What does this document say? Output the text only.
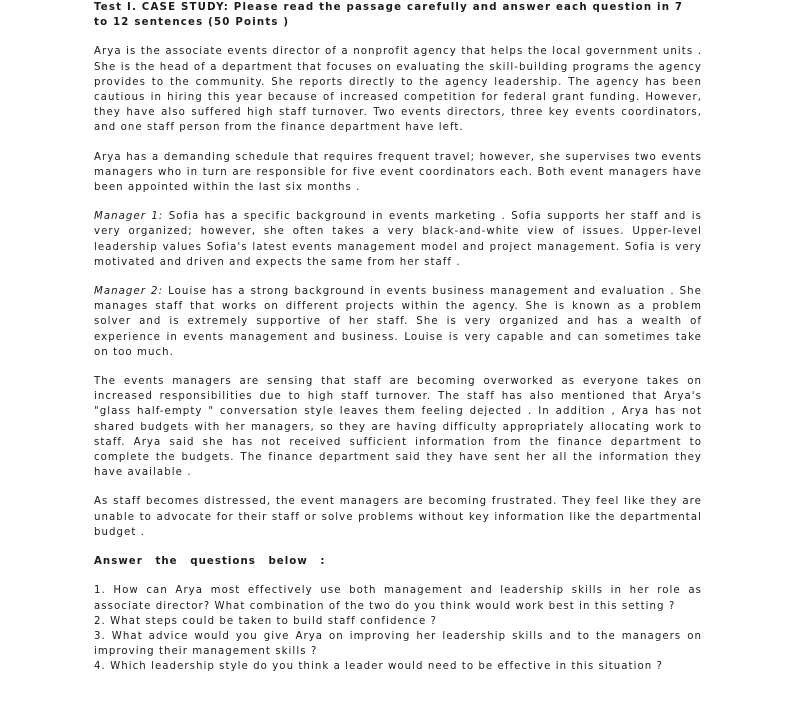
Test I. CASE STUDY: Please read the passage carefully and answer each question in 7 to 12 sentences (50 Points )

Arya is the associate events director of a nonprofit agency that helps the local government units . She is the head of a department that focuses on evaluating the skill-building programs the agency provides to the community. She reports directly to the agency leadership. The agency has been cautious in hiring this year because of increased competition for federal grant funding. However, they have also suffered high staff turnover. Two events directors, three key events coordinators, and one staff person from the finance department have left.

Arya has a demanding schedule that requires frequent travel; however, she supervises two events managers who in turn are responsible for five event coordinators each. Both event managers have been appointed within the last six months .

Manager 1: Sofia has a specific background in events marketing . Sofia supports her staff and is very organized; however, she often takes a very black-and-white view of issues. Upper-level leadership values Sofia's latest events management model and project management. Sofia is very motivated and driven and expects the same from her staff .

Manager 2: Louise has a strong background in events business management and evaluation . She manages staff that works on different projects within the agency. She is known as a problem solver and is extremely supportive of her staff. She is very organized and has a wealth of experience in events management and business. Louise is very capable and can sometimes take on too much.

The events managers are sensing that staff are becoming overworked as everyone takes on increased responsibilities due to high staff turnover. The staff has also mentioned that Arya's "glass half-empty " conversation style leaves them feeling dejected . In addition , Arya has not shared budgets with her managers, so they are having difficulty appropriately allocating work to staff. Arya said she has not received sufficient information from the finance department to complete the budgets. The finance department said they have sent her all the information they have available .

As staff becomes distressed, the event managers are becoming frustrated. They feel like they are unable to advocate for their staff or solve problems without key information like the departmental budget .

Answer the questions below :

1. How can Arya most effectively use both management and leadership skills in her role as associate director? What combination of the two do you think would work best in this setting ?

2. What steps could be taken to build staff confidence ?

3. What advice would you give Arya on improving her leadership skills and to the managers on improving their management skills ?

4. Which leadership style do you think a leader would need to be effective in this situation ?
